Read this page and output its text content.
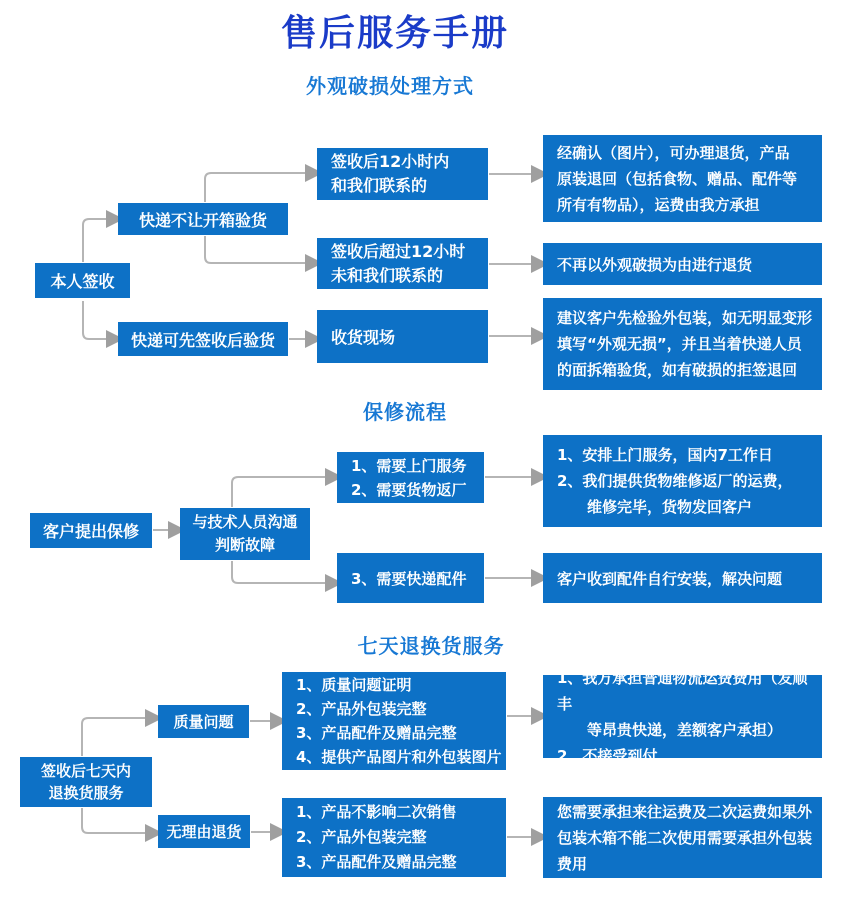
售后服务手册
外观破损处理方式
本人签收
快递不让开箱验货
快递可先签收后验货
签收后12小时内
和我们联系的
签收后超过12小时
未和我们联系的
收货现场
经确认（图片），可办理退货，产品
原装退回（包括食物、赠品、配件等
所有有物品），运费由我方承担
不再以外观破损为由进行退货
建议客户先检验外包装，如无明显变形
填写“外观无损”，并且当着快递人员
的面拆箱验货，如有破损的拒签退回
保修流程
客户提出保修	与技术人员沟通
判断故障
1、需要上门服务
2、需要货物返厂
3、需要快递配件
1、安排上门服务，国内7工作日
2、我们提供货物维修返厂的运费，
维修完毕，货物发回客户
客户收到配件自行安装，解决问题
七天退换货服务
签收后七天内
退换货服务
质量问题
无理由退货
1、质量问题证明
2、产品外包装完整
3、产品配件及赠品完整
4、提供产品图片和外包装图片
1、产品不影响二次销售
2、产品外包装完整
3、产品配件及赠品完整
1、我方承担普通物流运费费用（发顺丰
等昂贵快递，差额客户承担）
2、不接受到付
您需要承担来往运费及二次运费如果外
包装木箱不能二次使用需要承担外包装
费用
